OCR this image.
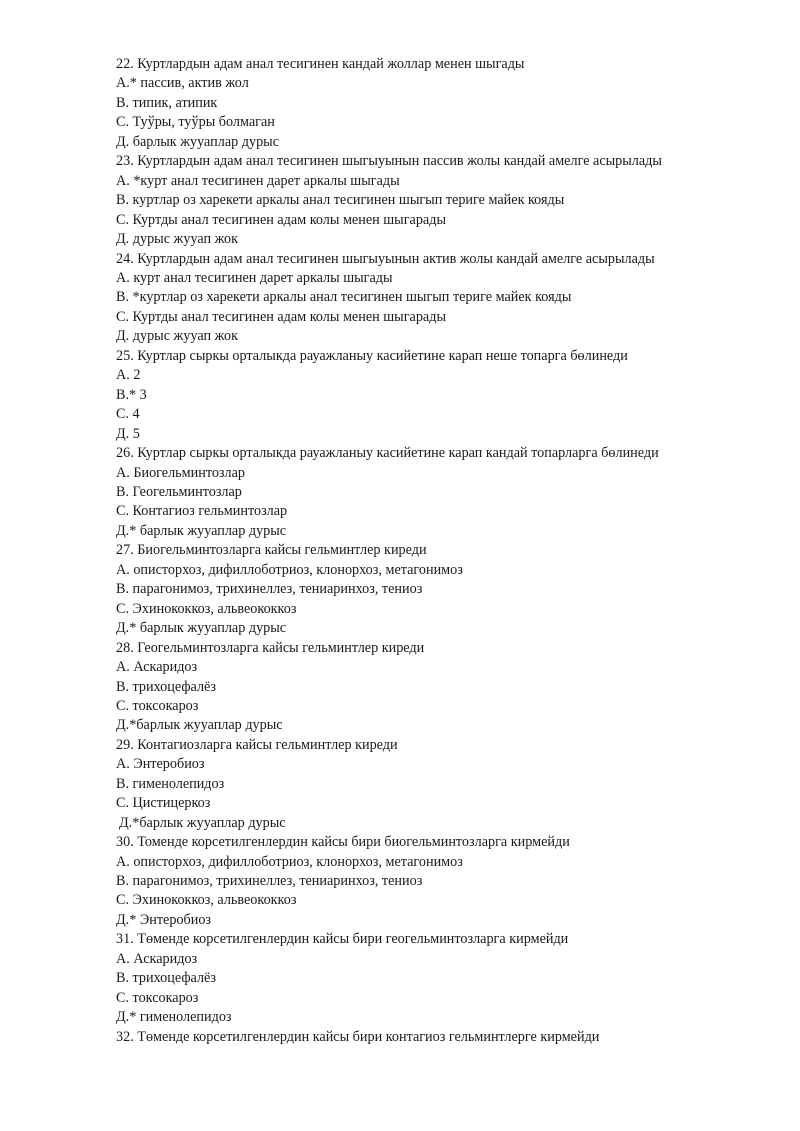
22. Куртлардын адам анал тесигинен кандай жоллар менен шыгады

А.* пассив, актив жол

В. типик, атипик

С. Туўры, туўры болмаган

Д. барлык жууаплар дурыс

23. Куртлардын адам анал тесигинен шыгыуынын пассив жолы кандай амелге асырылады

А. *курт анал тесигинен дарет аркалы шыгады

В. куртлар оз харекети аркалы анал тесигинен шыгып териге майек кояды

С. Куртды анал тесигинен адам колы менен шыгарады

Д. дурыс жууап жок

24. Куртлардын адам анал тесигинен шыгыуынын актив жолы кандай амелге асырылады

А. курт анал тесигинен дарет аркалы шыгады

В. *куртлар оз харекети аркалы анал тесигинен шыгып териге майек кояды

С. Куртды анал тесигинен адам колы менен шыгарады

Д. дурыс жууап жок

25. Куртлар сыркы орталыкда рауажланыу касийетине карап неше топарга бөлинеди

А. 2

В.* 3

С. 4

Д. 5

26. Куртлар сыркы орталыкда рауажланыу касийетине карап кандай топарларга бөлинеди

А. Биогельминтозлар

В. Геогельминтозлар

С. Контагиоз гельминтозлар

Д.* барлык жууаплар дурыс

27. Биогельминтозларга кайсы гельминтлер киреди

А. описторхоз, дифиллоботриоз, клонорхоз, метагонимоз

В. парагонимоз, трихинеллез, тениаринхоз, тениоз

С. Эхинококкоз, альвеококкоз

Д.* барлык жууаплар дурыс

28. Геогельминтозларга кайсы гельминтлер киреди

А. Аскаридоз

В. трихоцефалёз

С. токсокароз

Д.*барлык жууаплар дурыс

29. Контагиозларга кайсы гельминтлер киреди

А. Энтеробиоз

В. гименолепидоз

С. Цистицеркоз

Д.*барлык жууаплар дурыс

30. Томенде корсетилгенлердин кайсы бири биогельминтозларга кирмейди

А. описторхоз, дифиллоботриоз, клонорхоз, метагонимоз

В. парагонимоз, трихинеллез, тениаринхоз, тениоз

С. Эхинококкоз, альвеококкоз

Д.* Энтеробиоз

31. Төменде корсетилгенлердин кайсы бири геогельминтозларга кирмейди

А. Аскаридоз

В. трихоцефалёз

С. токсокароз

Д.* гименолепидоз

32. Төменде корсетилгенлердин кайсы бири контагиоз гельминтлерге кирмейди
